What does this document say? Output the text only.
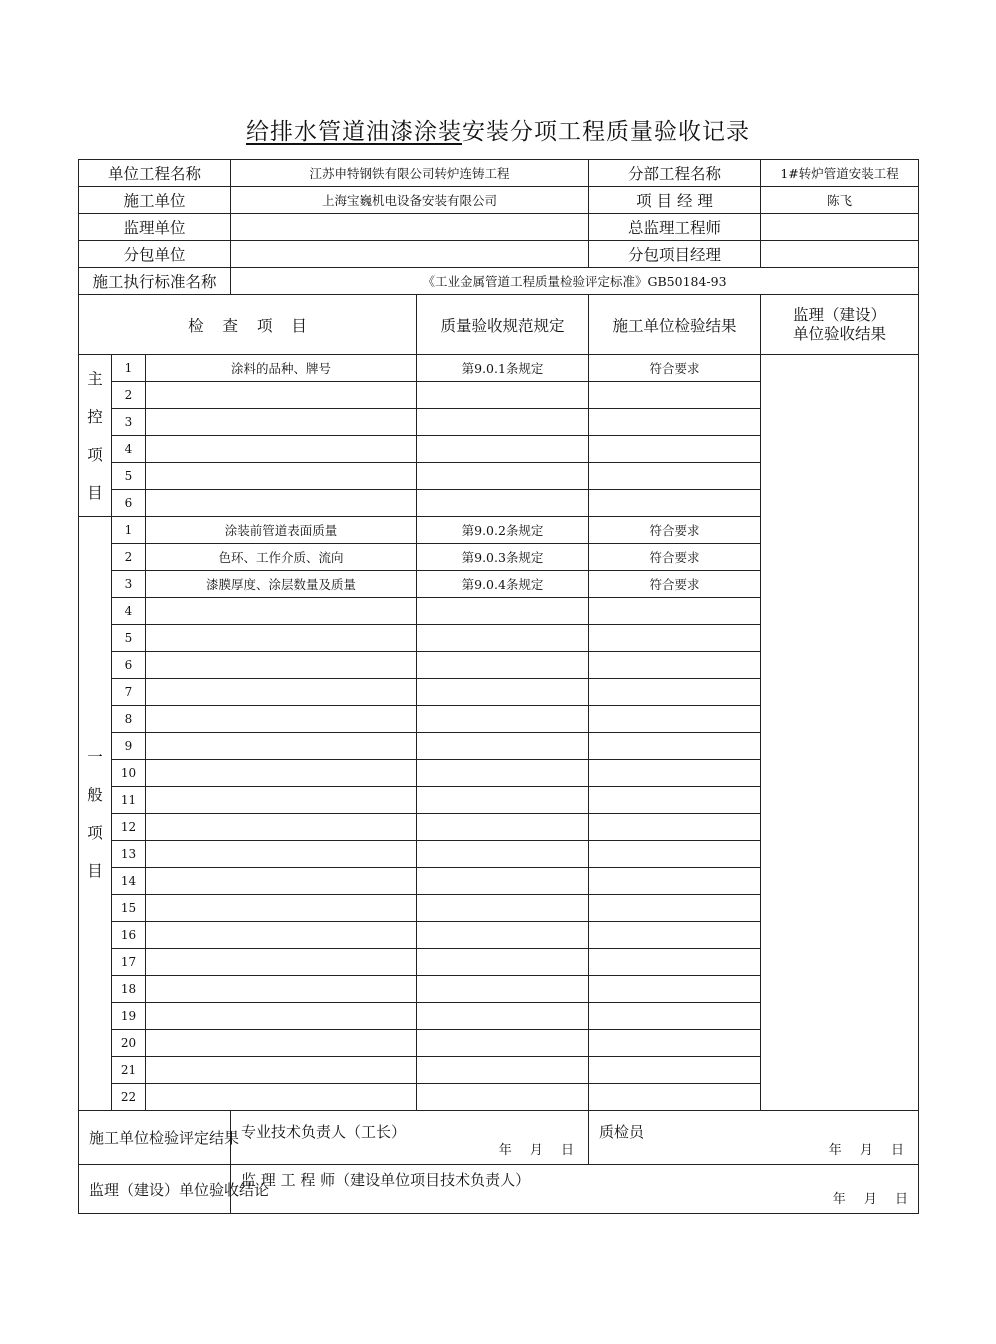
给排水管道油漆涂装安装分项工程质量验收记录
单位工程名称			江苏申特钢铁有限公司转炉连铸工程		分部工程名称	1#转炉管道安装工程
施工单位			上海宝巍机电设备安装有限公司		项 目 经 理	陈飞
监理单位					总监理工程师	
分包单位					分包项目经理	
施工执行标准名称			《工业金属管道工程质量检验评定标准》GB50184-93			
检 查 项 目				质量验收规范规定	施工单位检验结果	监理（建设）
单位验收结果

主
控
项
目	1	涂料的品种、牌号		第9.0.1条规定	符合要求	
	2					
	3					
	4					
	5					
	6					

一
般
项
目	1	涂装前管道表面质量		第9.0.2条规定	符合要求	
	2	色环、工作介质、流向		第9.0.3条规定	符合要求	
	3	漆膜厚度、涂层数量及质量		第9.0.4条规定	符合要求	
	4					
	5					
	6					
	7					
	8					
	9					
	10					
	11					
	12					
	13					
	14					
	15					
	16					
	17					
	18					
	19					
	20					
	21					
	22					
施工单位检验评定结果			专业技术负责人（工长）
年 月 日		质检员
年 月 日	

监理（建设）单位验收结论			监 理 工 程 师（建设单位项目技术负责人）
年 月 日			
